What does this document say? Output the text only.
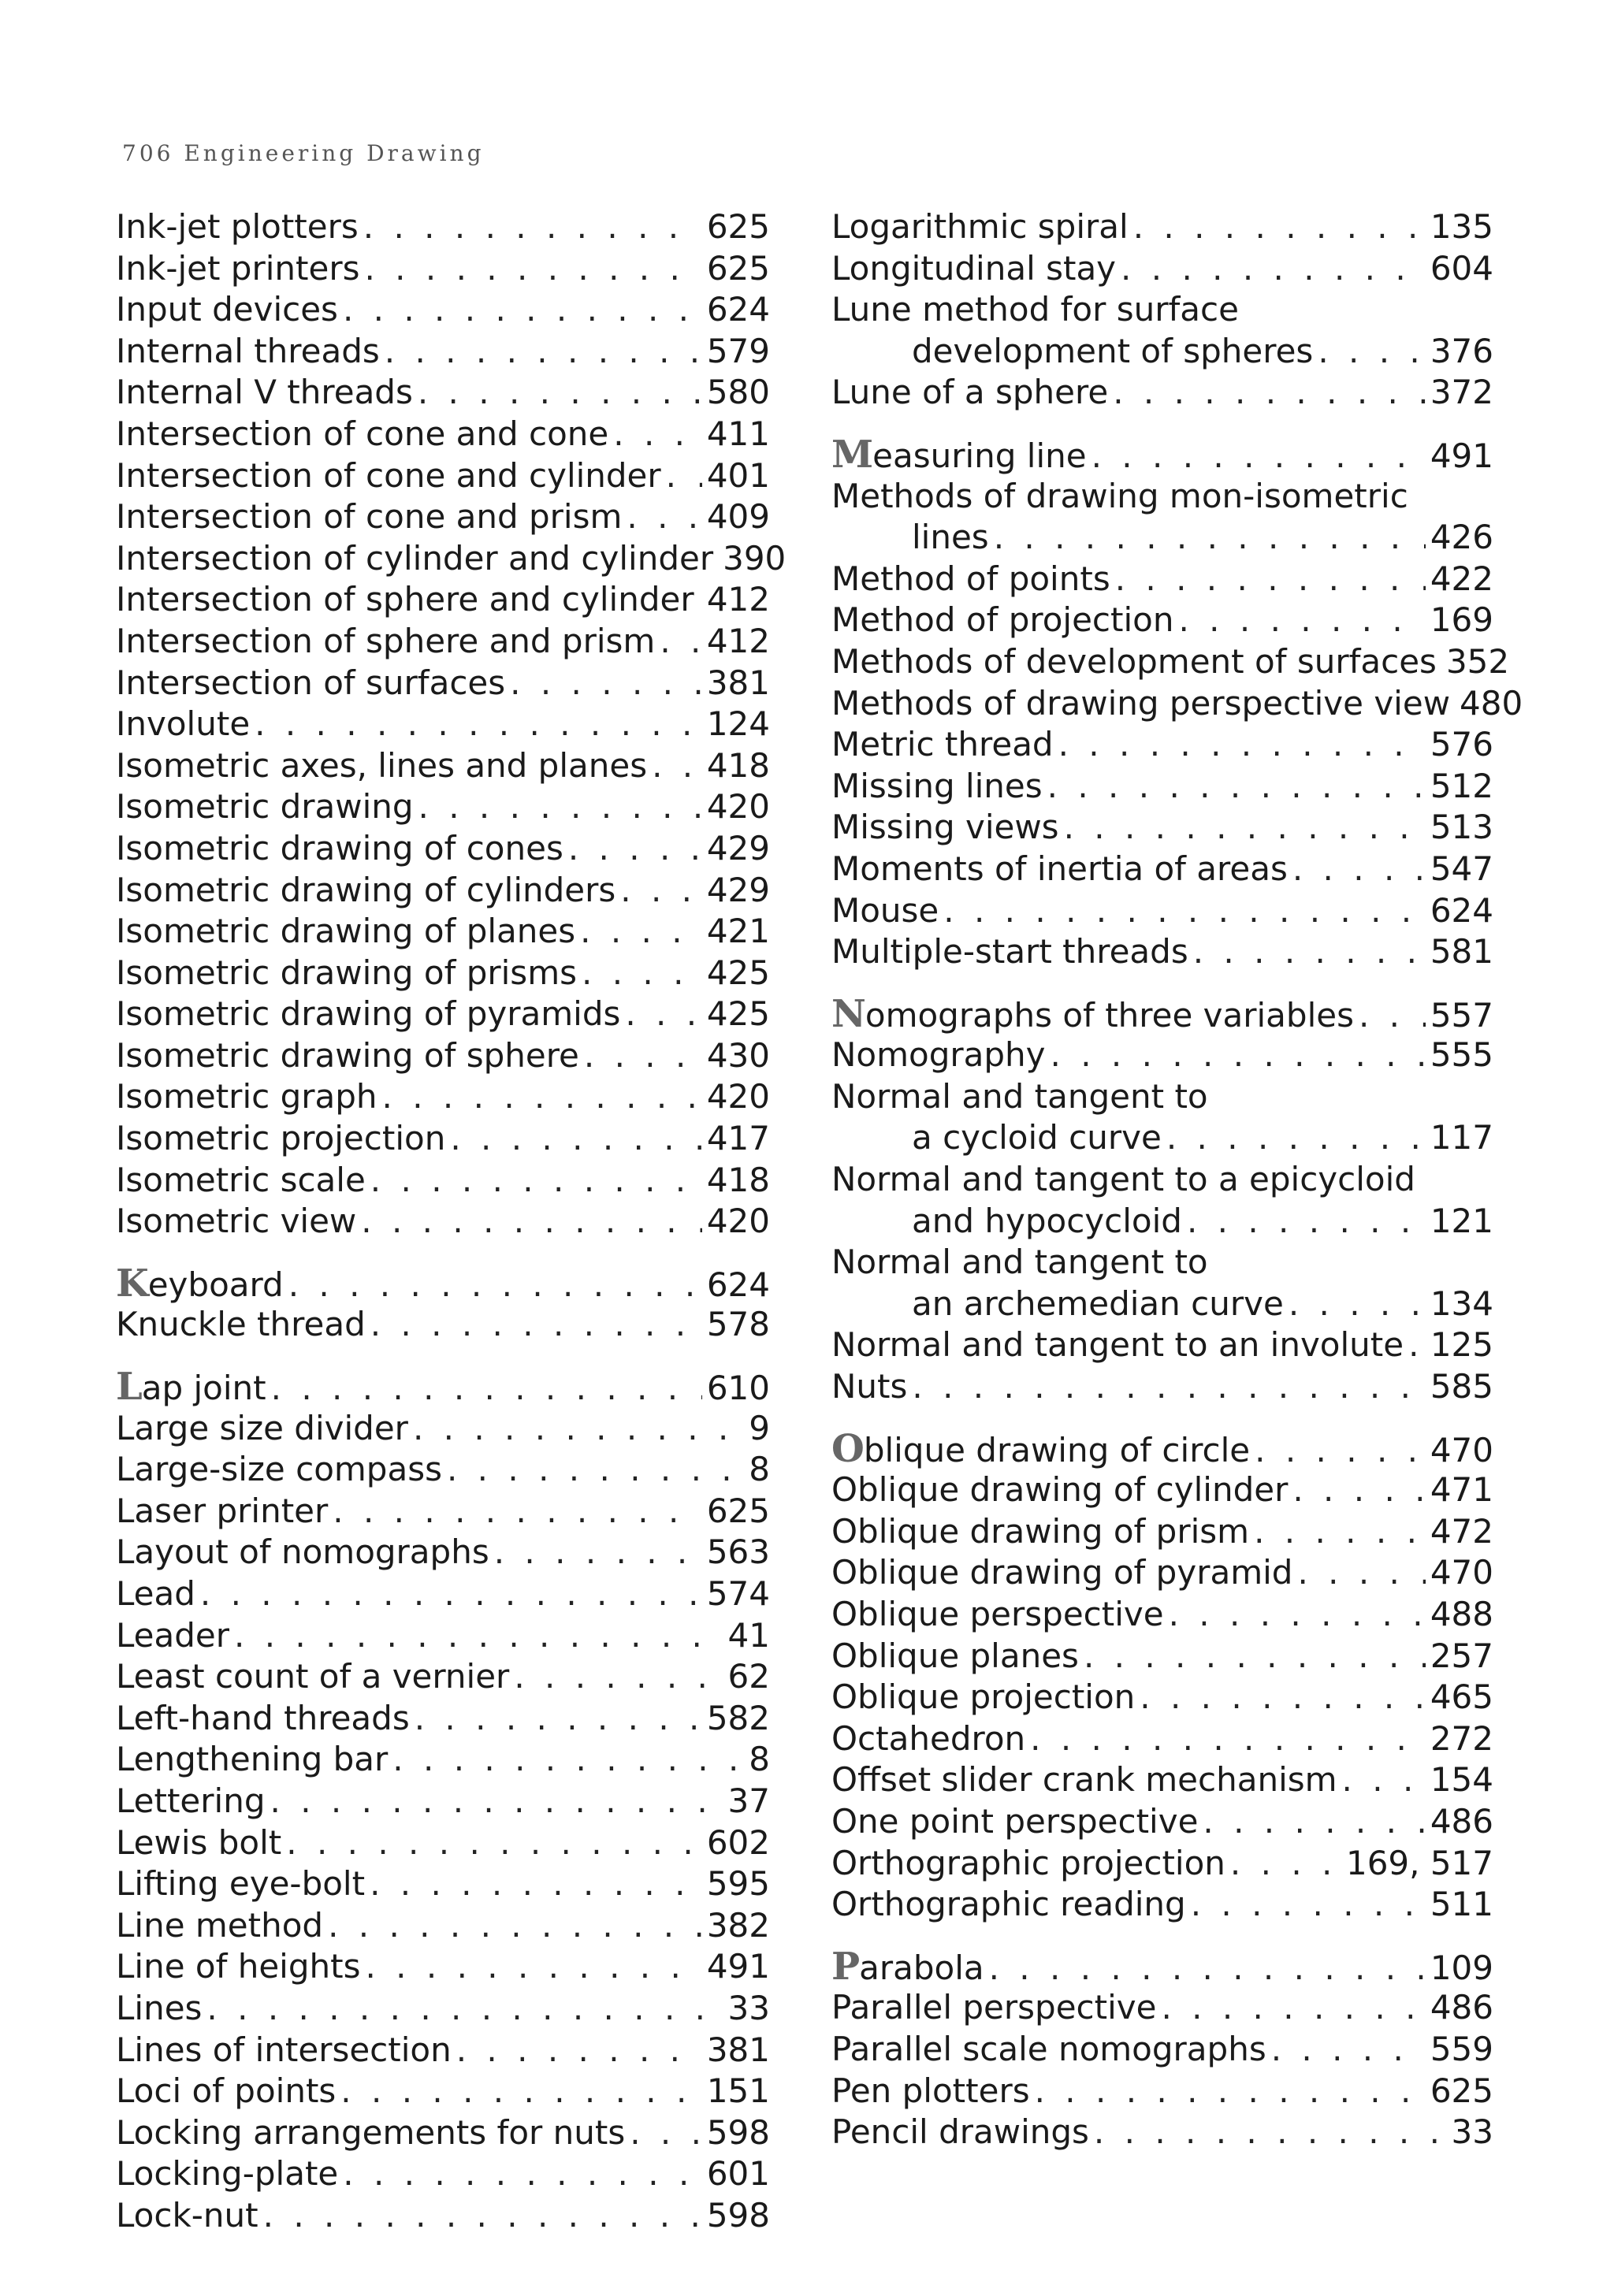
706 Engineering Drawing
Ink-jet plotters . . .	625
Ink-jet printers . . .	625
Input devices . . .	624
Internal threads . . .	579
Internal V threads . . .	580
Intersection of cone and cone . . .	411
Intersection of cone and cylinder . . . 401
Intersection of cone and prism . . .	409
Intersection of cylinder and cylinder 390
Intersection of sphere and cylinder . . . 412
Intersection of sphere and prism . . . 412
Intersection of surfaces . . .	381
Involute . . .	124
Isometric axes, lines and planes . . . 418
Isometric drawing . . .	420
Isometric drawing of cones . . .	429
Isometric drawing of cylinders . . .	429
Isometric drawing of planes . . .	421
Isometric drawing of prisms . . .	425
Isometric drawing of pyramids . . .	425
Isometric drawing of sphere . . .	430
Isometric graph . . .	420
Isometric projection . . .	417
Isometric scale . . .	418
Isometric view . . .	420
Keyboard . . .	624
Knuckle thread . . .	578
Lap joint . . .	610
Large size divider . . .	9
Large-size compass . . .	8
Laser printer . . .	625
Layout of nomographs . . .	563
Lead . . .	574
Leader . . .	41
Least count of a vernier . . .	62
Left-hand threads . . .	582
Lengthening bar . . .	8
Lettering . . .	37
Lewis bolt . . .	602
Lifting eye-bolt . . .	595
Line method . . .	382
Line of heights . . .	491
Lines . . .	33
Lines of intersection . . .	381
Loci of points . . .	151
Locking arrangements for nuts . . . 598
Locking-plate . . .	601
Lock-nut . . .	598
Logarithmic spiral . . .	135
Longitudinal stay . . .	604
Lune method for surface
development of spheres . . .	376
Lune of a sphere . . .	372
Measuring line . . .	491
Methods of drawing mon-isometric
lines . . .	426
Method of points . . .	422
Method of projection . . .	169
Methods of development of surfaces 352
Methods of drawing perspective view 480
Metric thread . . .	576
Missing lines . . .	512
Missing views . . .	513
Moments of inertia of areas . . .	547
Mouse . . .	624
Multiple-start threads . . .	581
Nomographs of three variables . . . 557
Nomography . . .	555
Normal and tangent to
a cycloid curve . . .	117
Normal and tangent to a epicycloid
and hypocycloid . . .	121
Normal and tangent to
an archemedian curve . . .	134
Normal and tangent to an involute . . . 125
Nuts . . .	585
Oblique drawing of circle . . .	470
Oblique drawing of cylinder . . .	471
Oblique drawing of prism . . .	472
Oblique drawing of pyramid . . .	470
Oblique perspective . . .	488
Oblique planes . . .	257
Oblique projection . . .	465
Octahedron . . .	272
Offset slider crank mechanism . . .	154
One point perspective . . .	486
Orthographic projection . . .	169, 517
Orthographic reading . . .	511
Parabola . . .	109
Parallel perspective . . .	486
Parallel scale nomographs . . .	559
Pen plotters . . .	625
Pencil drawings . . .	33
